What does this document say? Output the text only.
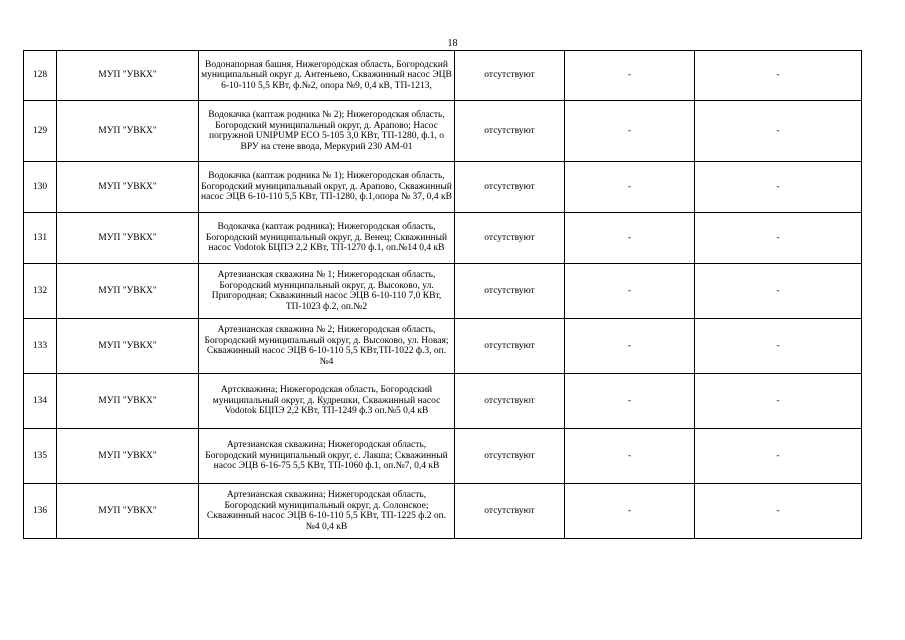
18
128	МУП "УВКХ"	Водонапорная башня, Нижегородская область, Богородский муниципальный округ д. Антеньево, Скважинный насос ЭЦВ 6-10-110 5,5 КВт, ф.№2, опора №9, 0,4 кВ, ТП-1213,	отсутствуют	-	-
129	МУП "УВКХ"	Водокачка (каптаж родника № 2); Нижегородская область, Богородский муниципальный округ, д. Арапово; Насос погружной UNIPUMP ECO 5-105 3,0 КВт, ТП-1280, ф.1, о ВРУ на стене ввода, Меркурий 230 АМ-01	отсутствуют	-	-
130	МУП "УВКХ"	Водокачка (каптаж родника № 1); Нижегородская область, Богородский муниципальный округ, д. Арапово, Скважинный насос ЭЦВ 6-10-110 5,5 КВт, ТП-1280, ф.1,опора № 37, 0,4 кВ	отсутствуют	-	-
131	МУП "УВКХ"	Водокачка (каптаж родника); Нижегородская область, Богородский муниципальный округ, д. Венец; Скважинный насос Vodotok БЦПЭ 2,2 КВт, ТП-1270 ф.1, оп.№14 0,4 кВ	отсутствуют	-	-
132	МУП "УВКХ"	Артезианская скважина № 1; Нижегородская область, Богородский муниципальный округ, д. Высоково, ул. Пригородная; Скважинный насос ЭЦВ 6-10-110 7,0 КВт, ТП-1023 ф.2, оп.№2	отсутствуют	-	-
133	МУП "УВКХ"	Артезианская скважина № 2; Нижегородская область, Богородский муниципальный округ, д. Высоково, ул. Новая; Скважинный насос ЭЦВ 6-10-110 5,5 КВт,ТП-1022 ф.3, оп.№4	отсутствуют	-	-
134	МУП "УВКХ"	Артскважина; Нижегородская область, Богородский муниципальный округ, д. Кудрешки, Скважинный насос Vodotok БЦПЭ 2,2 КВт, ТП-1249 ф.3 оп.№5 0,4 кВ	отсутствуют	-	-
135	МУП "УВКХ"	Артезианская скважина; Нижегородская область, Богородский муниципальный округ, с. Лакша; Скважинный насос ЭЦВ 6-16-75 5,5 КВт, ТП-1060 ф.1, оп.№7, 0,4 кВ	отсутствуют	-	-
136	МУП "УВКХ"	Артезианская скважина; Нижегородская область, Богородский муниципальный округ, д. Солонское; Скважинный насос ЭЦВ 6-10-110 5,5 КВт, ТП-1225 ф.2 оп.№4 0,4 кВ	отсутствуют	-	-
